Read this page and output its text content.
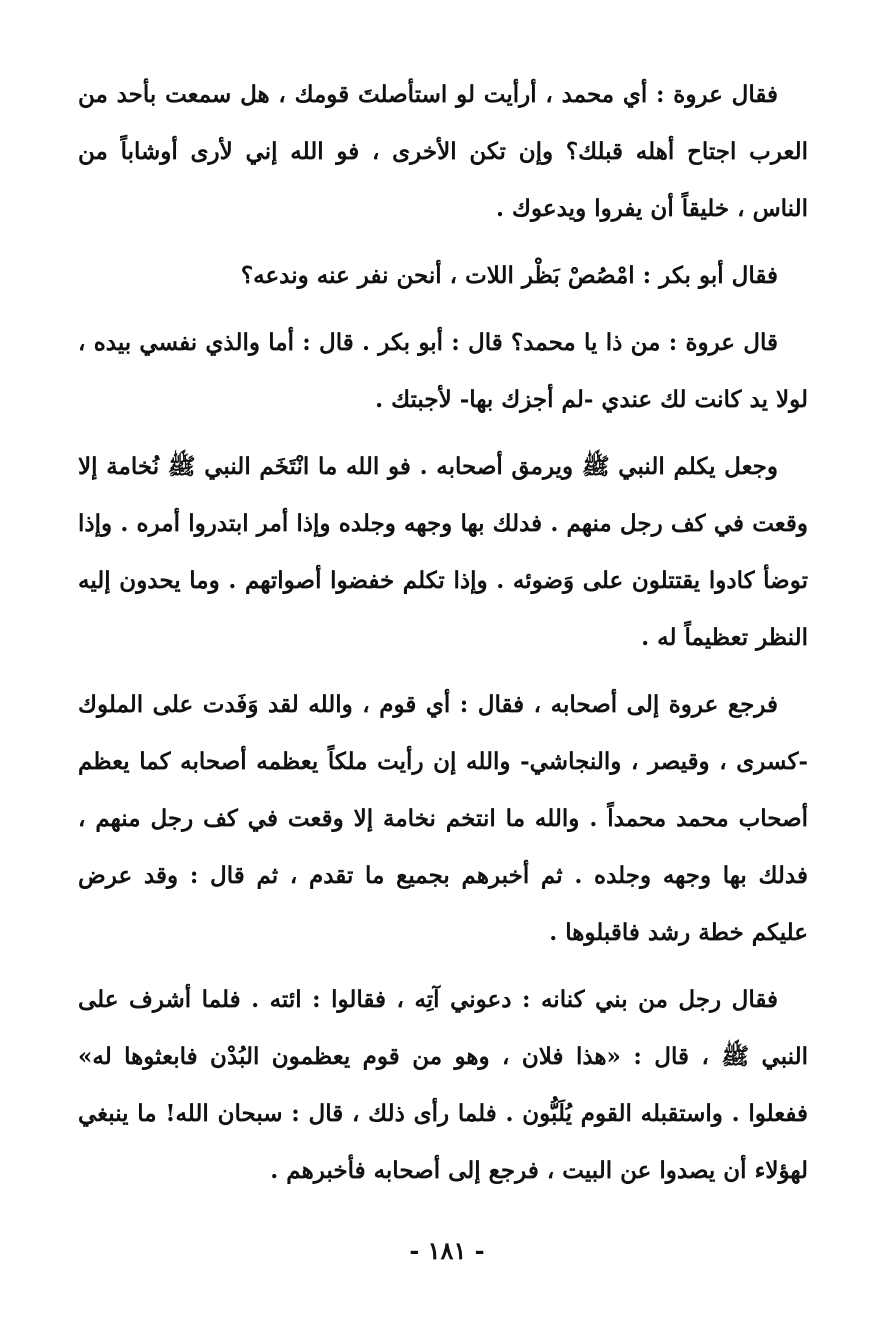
فقال عروة : أي محمد ، أرأيت لو استأصلتَ قومك ، هل سمعت بأحد من العرب اجتاح أهله قبلك؟ وإن تكن الأخرى ، فو الله إني لأرى أوشاباً من الناس ، خليقاً أن يفروا ويدعوك .

فقال أبو بكر : امْصُصْ بَظْر اللات ، أنحن نفر عنه وندعه؟

قال عروة : من ذا يا محمد؟ قال : أبو بكر . قال : أما والذي نفسي بيده ، لولا يد كانت لك عندي -لم أجزك بها- لأجبتك .

وجعل يكلم النبي ﷺ ويرمق أصحابه . فو الله ما انْتَخَم النبي ﷺ نُخامة إلا وقعت في كف رجل منهم . فدلك بها وجهه وجلده وإذا أمر ابتدروا أمره . وإذا توضأ كادوا يقتتلون على وَضوئه . وإذا تكلم خفضوا أصواتهم . وما يحدون إليه النظر تعظيماً له .

فرجع عروة إلى أصحابه ، فقال : أي قوم ، والله لقد وَفَدت على الملوك -كسرى ، وقيصر ، والنجاشي- والله إن رأيت ملكاً يعظمه أصحابه كما يعظم أصحاب محمد محمداً . والله ما انتخم نخامة إلا وقعت في كف رجل منهم ، فدلك بها وجهه وجلده . ثم أخبرهم بجميع ما تقدم ، ثم قال : وقد عرض عليكم خطة رشد فاقبلوها .

فقال رجل من بني كنانه : دعوني آتِه ، فقالوا : ائته . فلما أشرف على النبي ﷺ ، قال : «هذا فلان ، وهو من قوم يعظمون البُدْن فابعثوها له» ففعلوا . واستقبله القوم يُلَبُّون . فلما رأى ذلك ، قال : سبحان الله! ما ينبغي لهؤلاء أن يصدوا عن البيت ، فرجع إلى أصحابه فأخبرهم .

- ١٨١ -
